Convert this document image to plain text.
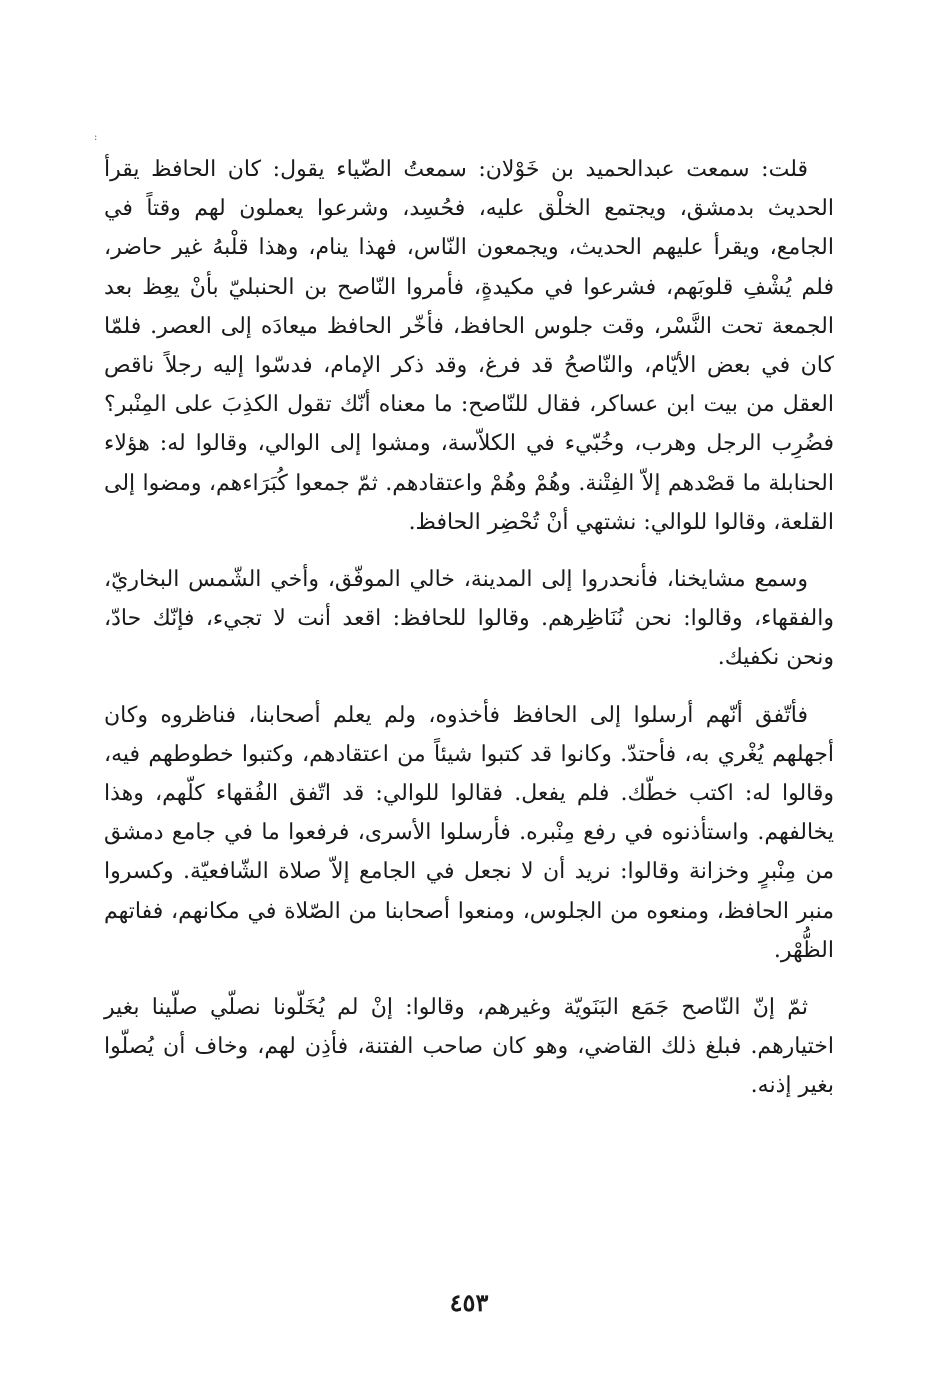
:

قلت: سمعت عبدالحميد بن خَوْلان: سمعتُ الضّياء يقول: كان الحافظ يقرأ الحديث بدمشق، ويجتمع الخلْق عليه، فحُسِد، وشرعوا يعملون لهم وقتاً في الجامع، ويقرأ عليهم الحديث، ويجمعون النّاس، فهذا ينام، وهذا قلْبهُ غير حاضر، فلم يُشْفِ قلوبَهم، فشرعوا في مكيدةٍ، فأمروا النّاصح بن الحنبليّ بأنْ يعِظ بعد الجمعة تحت النَّسْر، وقت جلوس الحافظ، فأخّر الحافظ ميعادَه إلى العصر. فلمّا كان في بعض الأيّام، والنّاصحُ قد فرغ، وقد ذكر الإمام، فدسّوا إليه رجلاً ناقص العقل من بيت ابن عساكر، فقال للنّاصح: ما معناه أنّك تقول الكذِبَ على المِنْبر؟ فضُرِب الرجل وهرب، وخُبّيء في الكلاّسة، ومشوا إلى الوالي، وقالوا له: هؤلاء الحنابلة ما قصْدهم إلاّ الفِتْنة. وهُمْ وهُمْ واعتقادهم. ثمّ جمعوا كُبَرَاءهم، ومضوا إلى القلعة، وقالوا للوالي: نشتهي أنْ تُحْضِر الحافظ.

وسمع مشايخنا، فأنحدروا إلى المدينة، خالي الموفّق، وأخي الشّمس البخاريّ، والفقهاء، وقالوا: نحن نُنَاظِرهم. وقالوا للحافظ: اقعد أنت لا تجيء، فإنّك حادّ، ونحن نكفيك.

فأتّفق أنّهم أرسلوا إلى الحافظ فأخذوه، ولم يعلم أصحابنا، فناظروه وكان أجهلهم يُغْري به، فأحتدّ. وكانوا قد كتبوا شيئاً من اعتقادهم، وكتبوا خطوطهم فيه، وقالوا له: اكتب خطّك. فلم يفعل. فقالوا للوالي: قد اتّفق الفُقهاء كلّهم، وهذا يخالفهم. واستأذنوه في رفع مِنْبره. فأرسلوا الأسرى، فرفعوا ما في جامع دمشق من مِنْبرٍ وخزانة وقالوا: نريد أن لا نجعل في الجامع إلاّ صلاة الشّافعيّة. وكسروا منبر الحافظ، ومنعوه من الجلوس، ومنعوا أصحابنا من الصّلاة في مكانهم، ففاتهم الظُّهْر.

ثمّ إنّ النّاصح جَمَع البَنَويّة وغيرهم، وقالوا: إنْ لم يُخَلّونا نصلّي صلّينا بغير اختيارهم. فبلغ ذلك القاضي، وهو كان صاحب الفتنة، فأذِن لهم، وخاف أن يُصلّوا بغير إذنه.

٤٥٣
